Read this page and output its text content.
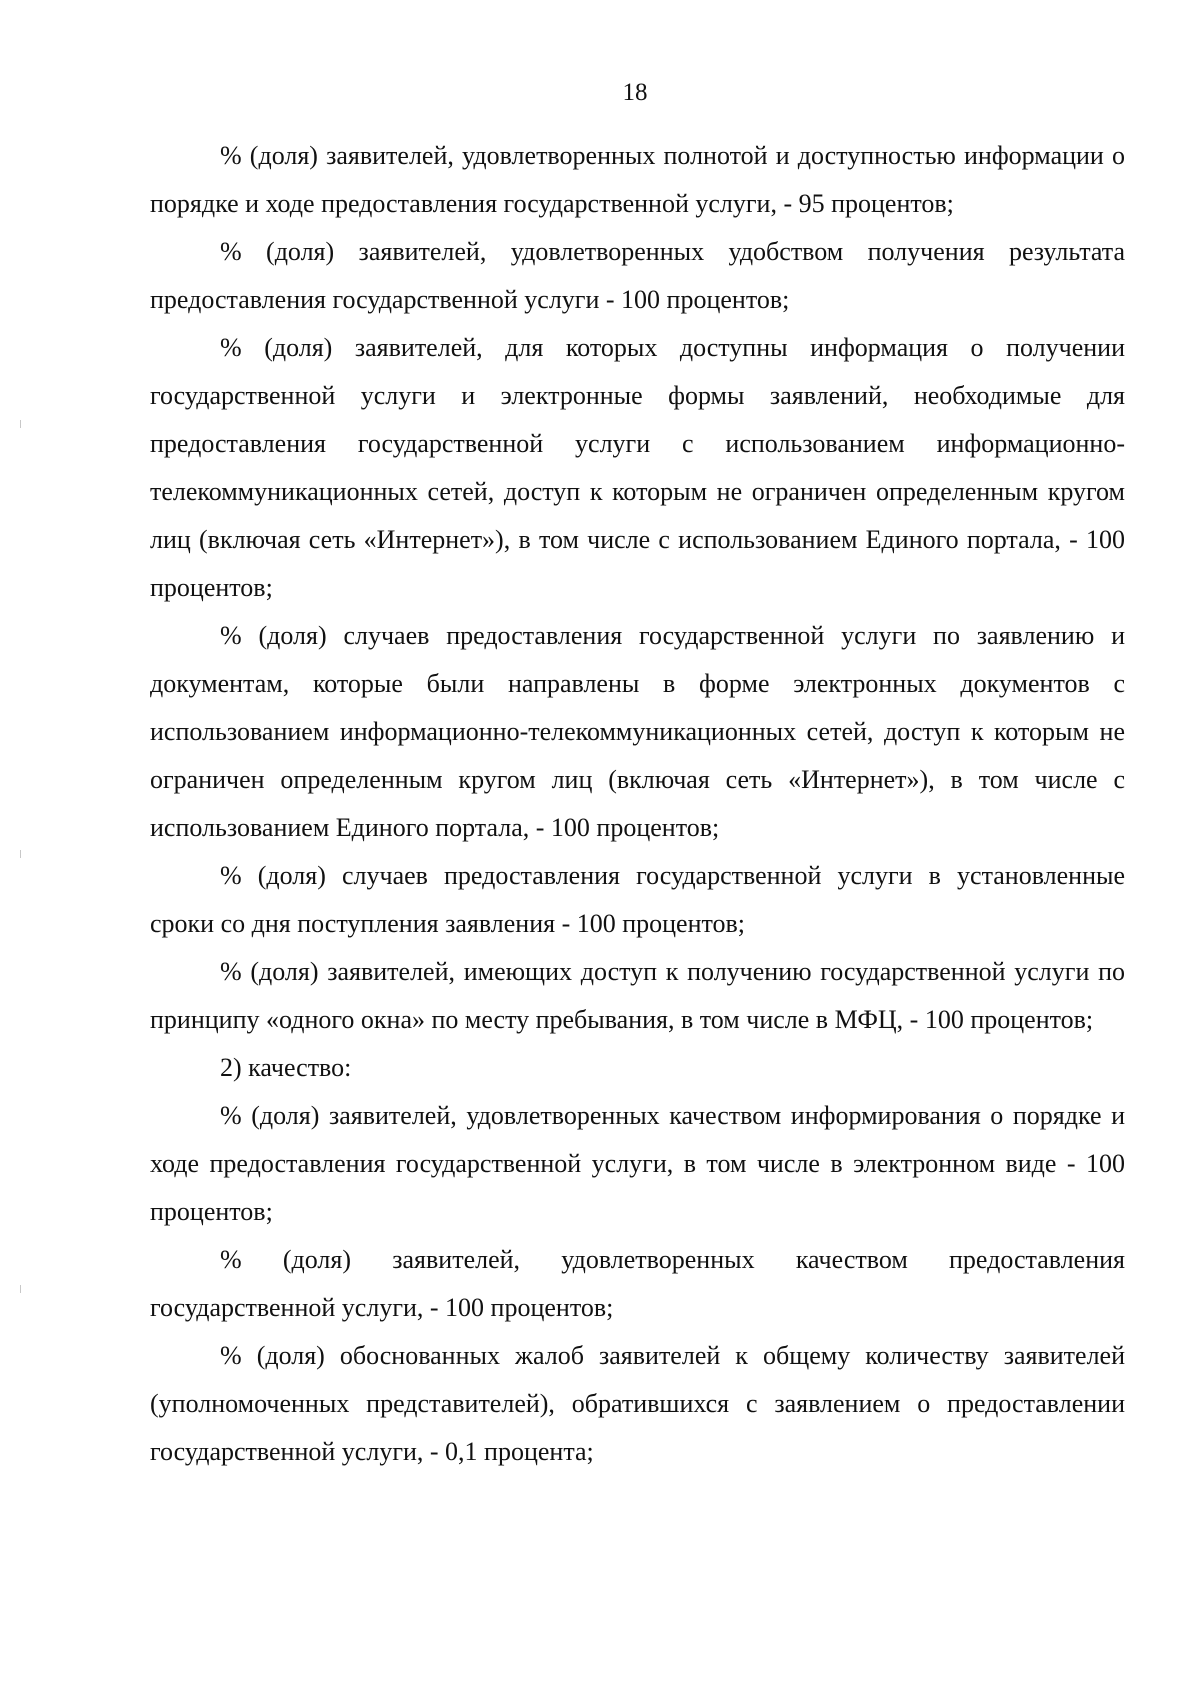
18

% (доля) заявителей, удовлетворенных полнотой и доступностью информации о порядке и ходе предоставления государственной услуги, - 95 процентов;

% (доля) заявителей, удовлетворенных удобством получения результата предоставления государственной услуги - 100 процентов;

% (доля) заявителей, для которых доступны информация о получении государственной услуги и электронные формы заявлений, необходимые для предоставления государственной услуги с использованием информационно-телекоммуникационных сетей, доступ к которым не ограничен определенным кругом лиц (включая сеть «Интернет»), в том числе с использованием Единого портала, - 100 процентов;

% (доля) случаев предоставления государственной услуги по заявлению и документам, которые были направлены в форме электронных документов с использованием информационно-телекоммуникационных сетей, доступ к которым не ограничен определенным кругом лиц (включая сеть «Интернет»), в том числе с использованием Единого портала, - 100 процентов;

% (доля) случаев предоставления государственной услуги в установленные сроки со дня поступления заявления - 100 процентов;

% (доля) заявителей, имеющих доступ к получению государственной услуги по принципу «одного окна» по месту пребывания, в том числе в МФЦ, - 100 процентов;

2) качество:

% (доля) заявителей, удовлетворенных качеством информирования о порядке и ходе предоставления государственной услуги, в том числе в электронном виде - 100 процентов;

% (доля) заявителей, удовлетворенных качеством предоставления государственной услуги, - 100 процентов;

% (доля) обоснованных жалоб заявителей к общему количеству заявителей (уполномоченных представителей), обратившихся с заявлением о предоставлении государственной услуги, - 0,1 процента;
